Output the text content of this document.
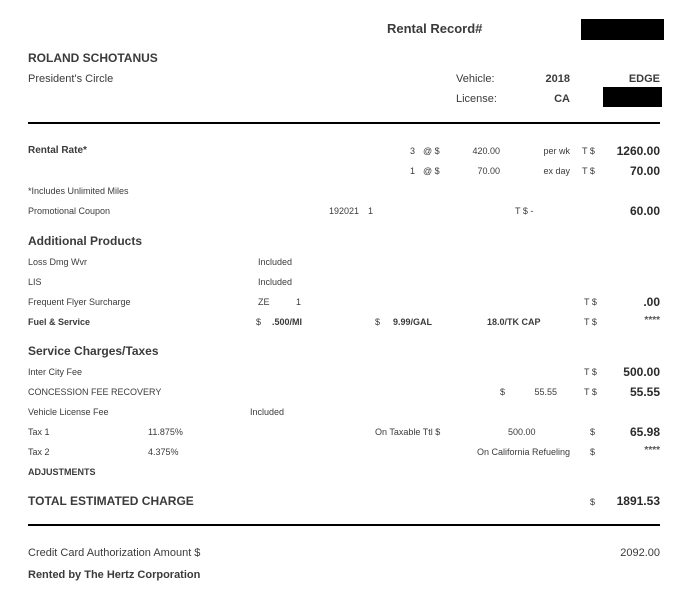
Rental Record#
ROLAND SCHOTANUS
President's Circle	Vehicle:	2018	EDGE
License:	CA
Rental Rate*	3 @ $	420.00	per wk T $	1260.00
1 @ $	70.00	ex day T $	70.00
*Includes Unlimited Miles
Promotional Coupon	192021 1	T $ -	60.00
Additional Products
Loss Dmg Wvr	Included
LIS	Included
Frequent Flyer Surcharge	ZE	1	T $	.00
Fuel & Service	$ .500/MI	$ 9.99/GAL	18.0/TK CAP	T $	****
Service Charges/Taxes
Inter City Fee	T $	500.00
CONCESSION FEE RECOVERY	$	55.55	T $	55.55
Vehicle License Fee	Included
Tax 1	11.875%	On Taxable Ttl $	500.00	$	65.98
Tax 2	4.375%	On California Refueling $	****
ADJUSTMENTS
TOTAL ESTIMATED CHARGE	$	1891.53
Credit Card Authorization Amount $	2092.00
Rented by The Hertz Corporation
